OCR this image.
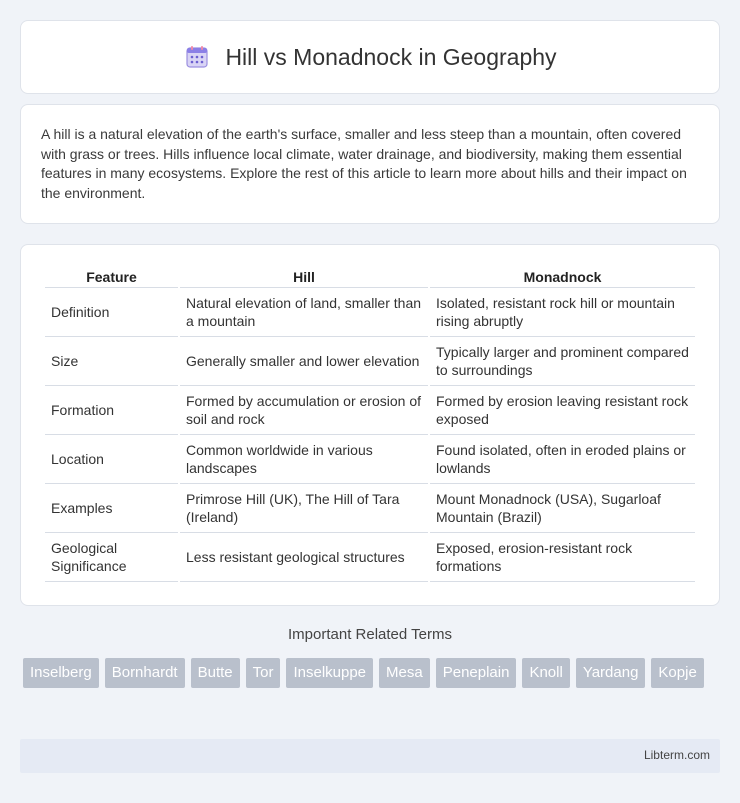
Hill vs Monadnock in Geography

A hill is a natural elevation of the earth's surface, smaller and less steep than a mountain, often covered with grass or trees. Hills influence local climate, water drainage, and biodiversity, making them essential features in many ecosystems. Explore the rest of this article to learn more about hills and their impact on the environment.

Feature	Hill	Monadnock
Definition	Natural elevation of land, smaller than a mountain	Isolated, resistant rock hill or mountain rising abruptly
Size	Generally smaller and lower elevation	Typically larger and prominent compared to surroundings
Formation	Formed by accumulation or erosion of soil and rock	Formed by erosion leaving resistant rock exposed
Location	Common worldwide in various landscapes	Found isolated, often in eroded plains or lowlands
Examples	Primrose Hill (UK), The Hill of Tara (Ireland)	Mount Monadnock (USA), Sugarloaf Mountain (Brazil)
Geological Significance	Less resistant geological structures	Exposed, erosion-resistant rock formations
Important Related Terms
Inselberg	Bornhardt	Butte	Tor	Inselkuppe	Mesa	Peneplain	Knoll	Yardang	Kopje
Libterm.com
